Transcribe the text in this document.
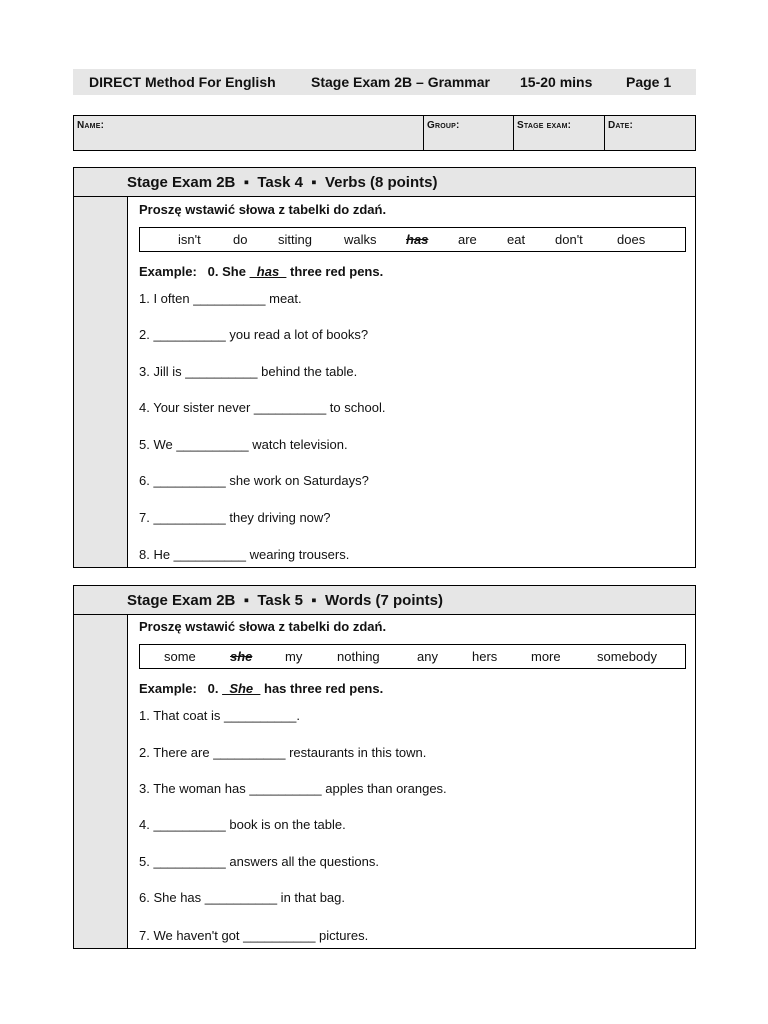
DIRECT Method For English	Stage Exam 2B – Grammar 15-20 mins Page 1
Name:	Group:	Stage exam:	Date:
Stage Exam 2B  ▪  Task 4  ▪  Verbs (8 points)
Proszę wstawić słowa z tabelki do zdań.
isn't do sitting walks has are eat don't	does
Example:   0. She   has   three red pens.
1. I often __________ meat.
2. __________ you read a lot of books?
3. Jill is __________ behind the table.
4. Your sister never __________ to school.
5. We __________ watch television.
6. __________ she work on Saturdays?
7. __________ they driving now?
8. He __________ wearing trousers.
Stage Exam 2B  ▪  Task 5  ▪  Words (7 points)
Proszę wstawić słowa z tabelki do zdań.
some	she	my	nothing	any	hers	more	somebody
Example:   0.   She   has three red pens.
1. That coat is __________.
2. There are __________ restaurants in this town.
3. The woman has __________ apples than oranges.
4. __________ book is on the table.
5. __________ answers all the questions.
6. She has __________ in that bag.
7. We haven't got __________ pictures.
